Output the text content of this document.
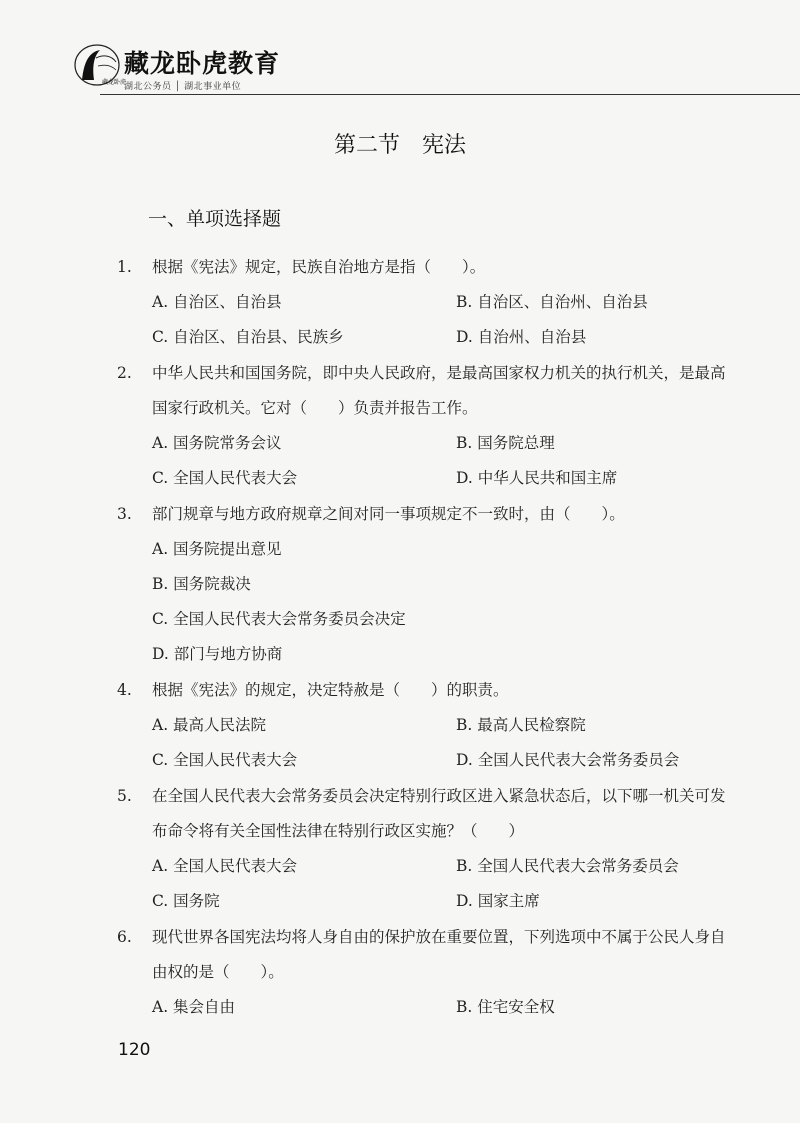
藏龙卧虎
藏龙卧虎教育
湖北公务员 │ 湖北事业单位
第二节　宪法
一、单项选择题
1. 根据《宪法》规定，民族自治地方是指（　　）。
A. 自治区、自治县	B. 自治区、自治州、自治县
C. 自治区、自治县、民族乡	D. 自治州、自治县
2. 中华人民共和国国务院，即中央人民政府，是最高国家权力机关的执行机关，是最高国家行政机关。它对（　　）负责并报告工作。
A. 国务院常务会议	B. 国务院总理
C. 全国人民代表大会	D. 中华人民共和国主席
3. 部门规章与地方政府规章之间对同一事项规定不一致时，由（　　）。
A. 国务院提出意见
B. 国务院裁决
C. 全国人民代表大会常务委员会决定
D. 部门与地方协商
4. 根据《宪法》的规定，决定特赦是（　　）的职责。
A. 最高人民法院	B. 最高人民检察院
C. 全国人民代表大会	D. 全国人民代表大会常务委员会
5. 在全国人民代表大会常务委员会决定特别行政区进入紧急状态后，以下哪一机关可发布命令将有关全国性法律在特别行政区实施？（　　）
A. 全国人民代表大会	B. 全国人民代表大会常务委员会
C. 国务院	D. 国家主席
6. 现代世界各国宪法均将人身自由的保护放在重要位置，下列选项中不属于公民人身自由权的是（　　）。
A. 集会自由	B. 住宅安全权
120
